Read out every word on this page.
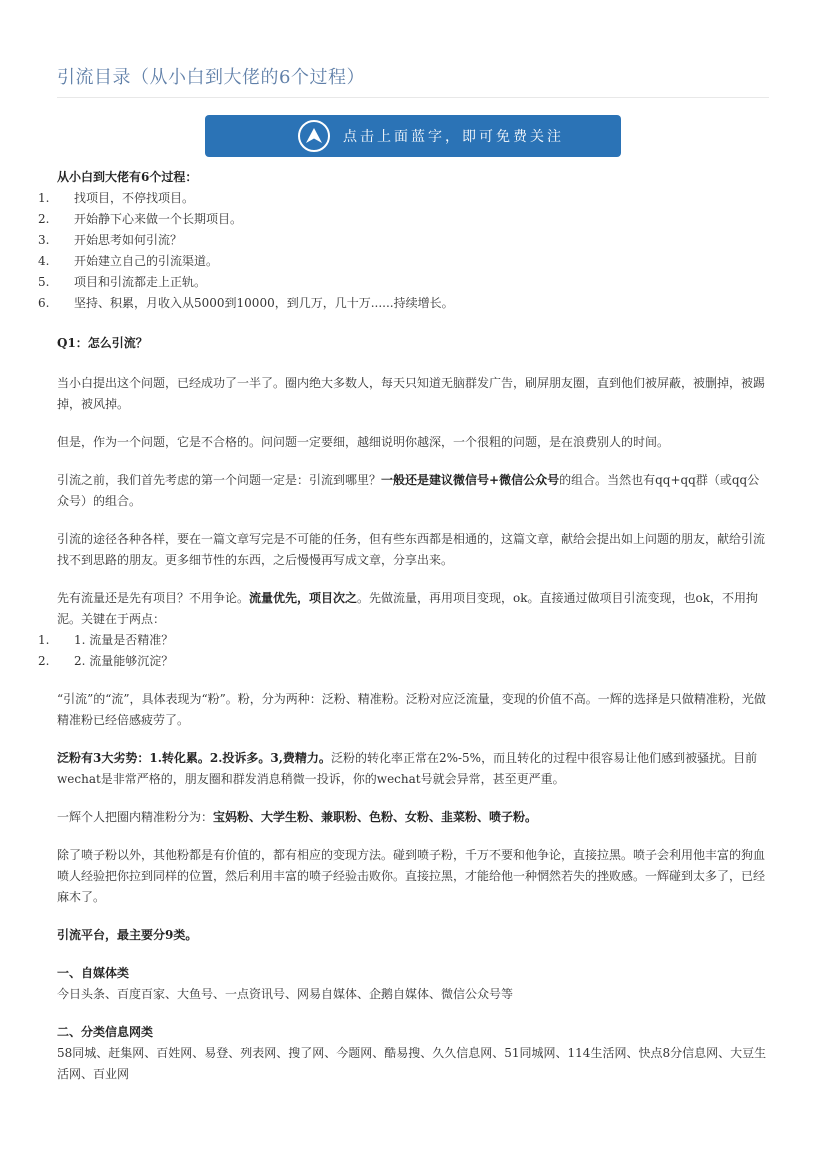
引流目录（从小白到大佬的6个过程）
点击上面蓝字，即可免费关注

从小白到大佬有6个过程：

1.	找项目，不停找项目。
2.	开始静下心来做一个长期项目。
3.	开始思考如何引流？
4.	开始建立自己的引流渠道。
5.	项目和引流都走上正轨。
6.	坚持、积累，月收入从5000到10000，到几万，几十万......持续增长。

Q1：怎么引流？

当小白提出这个问题，已经成功了一半了。圈内绝大多数人，每天只知道无脑群发广告，刷屏朋友圈，直到他们被屏蔽，被删掉，被踢掉，被风掉。

但是，作为一个问题，它是不合格的。问问题一定要细，越细说明你越深，一个很粗的问题，是在浪费别人的时间。

引流之前，我们首先考虑的第一个问题一定是：引流到哪里？一般还是建议微信号+微信公众号的组合。当然也有qq+qq群（或qq公众号）的组合。

引流的途径各种各样，要在一篇文章写完是不可能的任务，但有些东西都是相通的，这篇文章，献给会提出如上问题的朋友，献给引流找不到思路的朋友。更多细节性的东西，之后慢慢再写成文章，分享出来。

先有流量还是先有项目？不用争论。流量优先，项目次之。先做流量，再用项目变现，ok。直接通过做项目引流变现，也ok，不用拘泥。关键在于两点：

1.	1. 流量是否精准？
2.	2. 流量能够沉淀？

“引流”的“流”，具体表现为“粉”。粉，分为两种：泛粉、精准粉。泛粉对应泛流量，变现的价值不高。一辉的选择是只做精准粉，光做精准粉已经倍感疲劳了。

泛粉有3大劣势：1.转化累。2.投诉多。3,费精力。泛粉的转化率正常在2%-5%，而且转化的过程中很容易让他们感到被骚扰。目前wechat是非常严格的，朋友圈和群发消息稍微一投诉，你的wechat号就会异常，甚至更严重。

一辉个人把圈内精准粉分为：宝妈粉、大学生粉、兼职粉、色粉、女粉、韭菜粉、喷子粉。

除了喷子粉以外，其他粉都是有价值的，都有相应的变现方法。碰到喷子粉，千万不要和他争论，直接拉黑。喷子会利用他丰富的狗血喷人经验把你拉到同样的位置，然后利用丰富的喷子经验击败你。直接拉黑，才能给他一种惘然若失的挫败感。一辉碰到太多了，已经麻木了。

引流平台，最主要分9类。

一、自媒体类

今日头条、百度百家、大鱼号、一点资讯号、网易自媒体、企鹅自媒体、微信公众号等

二、分类信息网类

58同城、赶集网、百姓网、易登、列表网、搜了网、今题网、酷易搜、久久信息网、51同城网、114生活网、快点8分信息网、大豆生活网、百业网
